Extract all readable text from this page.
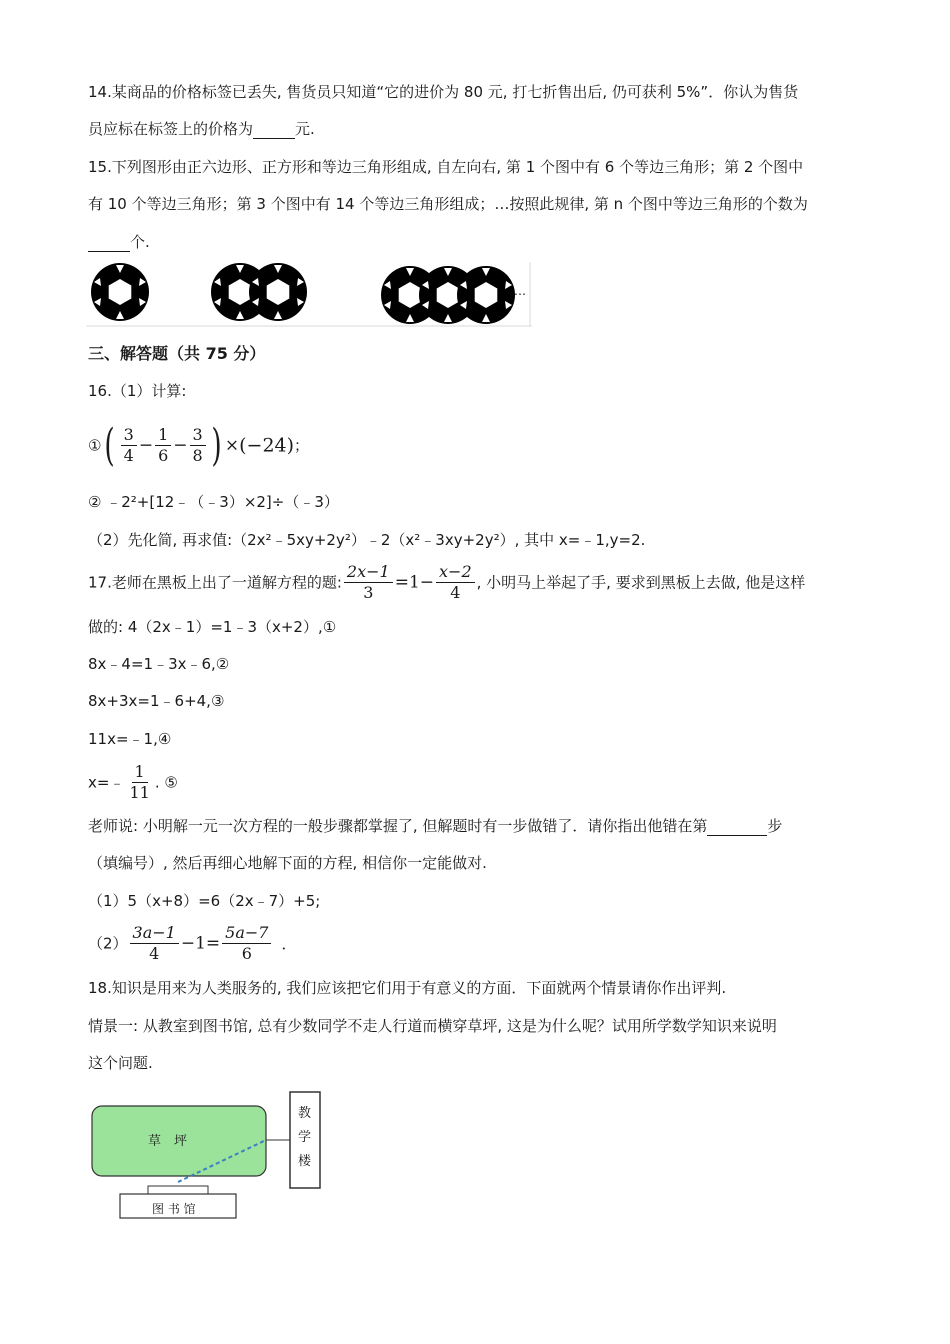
14.某商品的价格标签已丢失, 售货员只知道“它的进价为 80 元, 打七折售出后, 仍可获利 5%”．你认为售货
员应标在标签上的价格为	元.
15.下列图形由正六边形、正方形和等边三角形组成, 自左向右, 第 1 个图中有 6 个等边三角形；第 2 个图中
有 10 个等边三角形；第 3 个图中有 14 个等边三角形组成；…按照此规律, 第 n 个图中等边三角形的个数为
个.
…
三、解答题（共 75 分）
16.（1）计算:
①( $\frac{3}{4} - \frac{1}{6} - \frac{3}{8}$ ) ×(−24)；
② ﹣2²+[12﹣（﹣3）×2]÷（﹣3）
（2）先化简, 再求值:（2x²﹣5xy+2y²）﹣2（x²﹣3xy+2y²）, 其中 x=﹣1,y=2.
17.老师在黑板上出了一道解方程的题: $\frac{2x-1}{3} =1- \frac{x-2}{4}$ , 小明马上举起了手, 要求到黑板上去做, 他是这样
做的: 4（2x﹣1）=1﹣3（x+2）,①
8x﹣4=1﹣3x﹣6,②
8x+3x=1﹣6+4,③
11x=﹣1,④
x=﹣ $\frac{1}{11}$ . ⑤
老师说: 小明解一元一次方程的一般步骤都掌握了, 但解题时有一步做错了．请你指出他错在第	步
（填编号）, 然后再细心地解下面的方程, 相信你一定能做对.
（1）5（x+8）=6（2x﹣7）+5;
$(2) \frac{3a-1}{4} -1= \frac{5a-7}{6}$ ．
18.知识是用来为人类服务的, 我们应该把它们用于有意义的方面．下面就两个情景请你作出评判.
情景一: 从教室到图书馆, 总有少数同学不走人行道而横穿草坪, 这是为什么呢？试用所学数学知识来说明
这个问题.
草　坪
教
学
楼
图 书 馆
